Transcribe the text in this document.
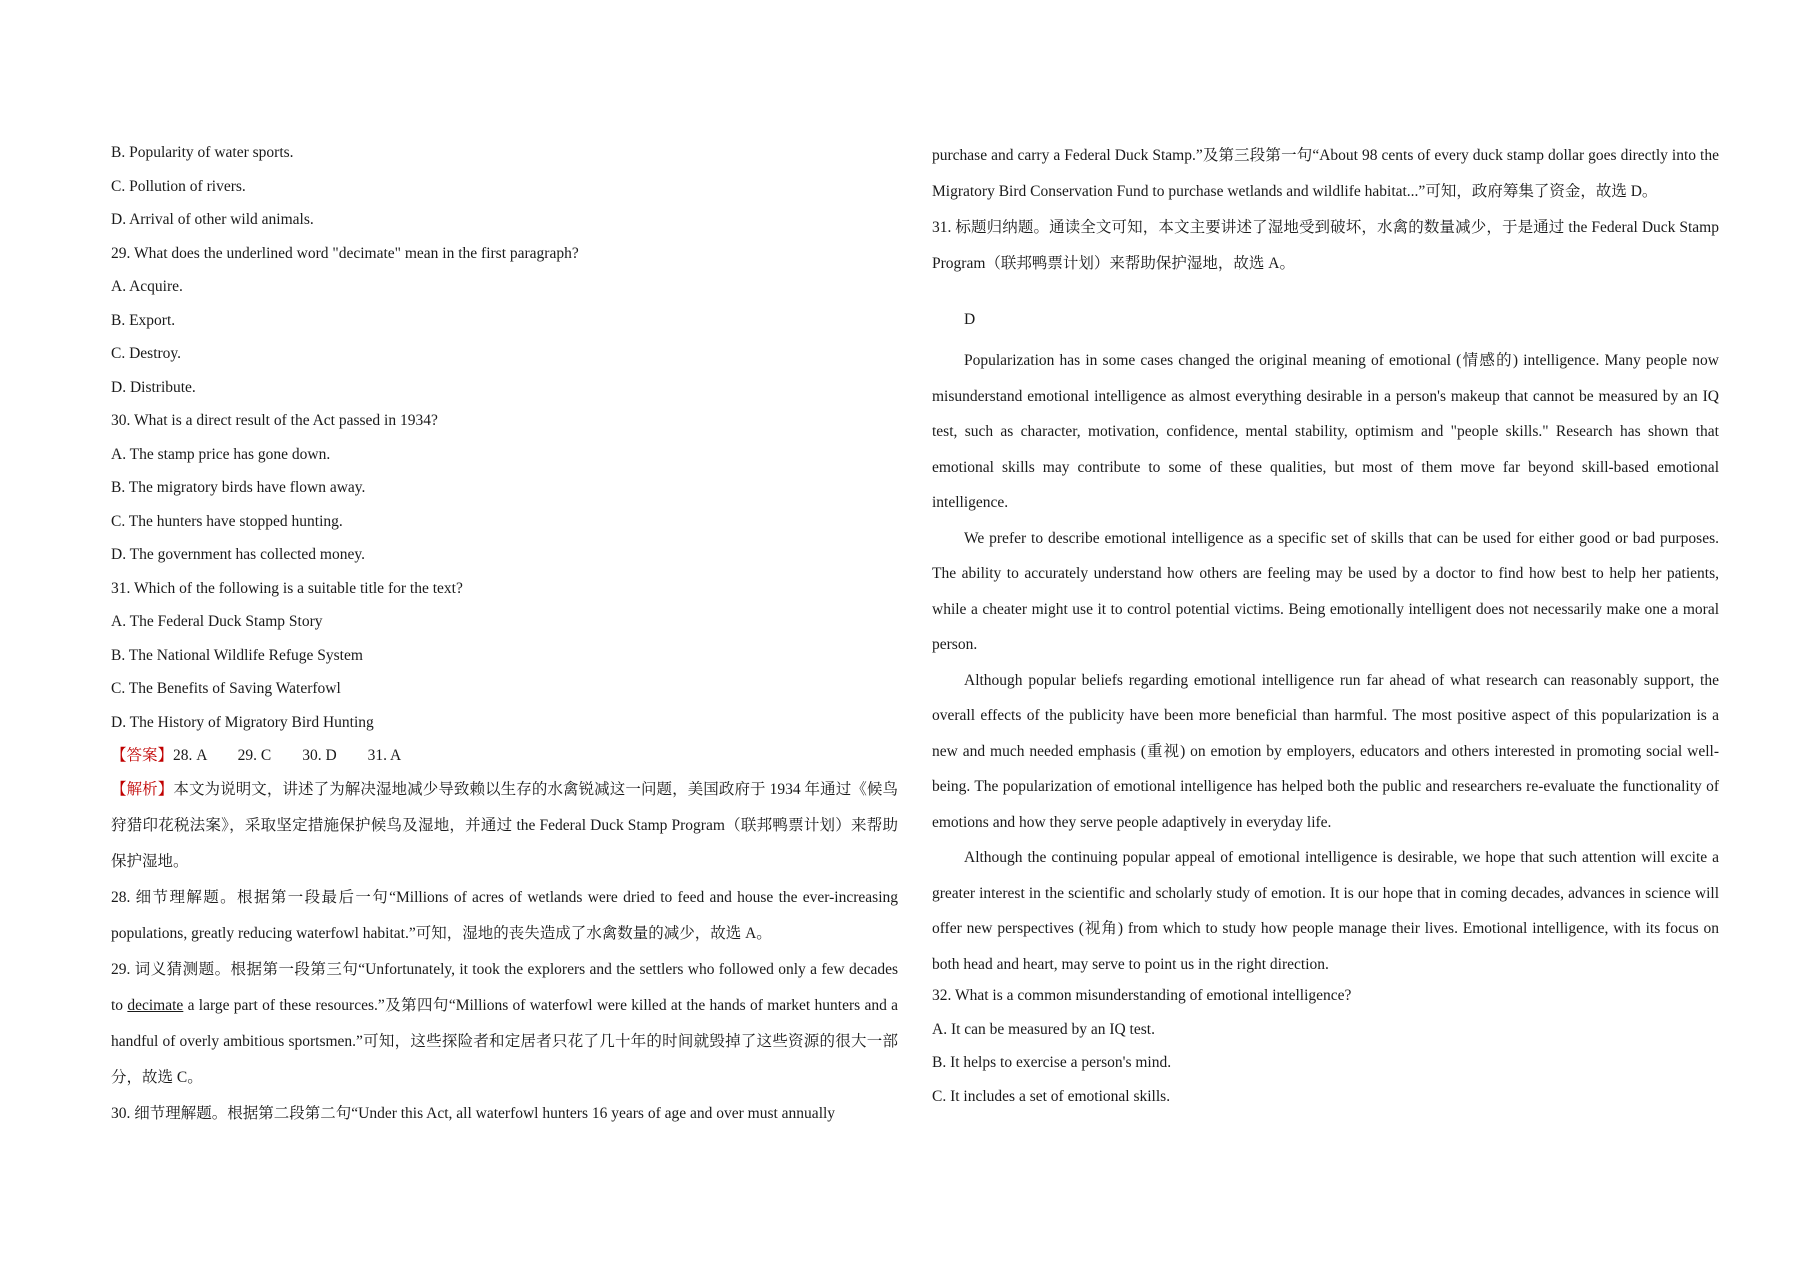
B. Popularity of water sports.
C. Pollution of rivers.
D. Arrival of other wild animals.
29. What does the underlined word "decimate" mean in the first paragraph?
A. Acquire.
B. Export.
C. Destroy.
D. Distribute.
30. What is a direct result of the Act passed in 1934?
A. The stamp price has gone down.
B. The migratory birds have flown away.
C. The hunters have stopped hunting.
D. The government has collected money.
31. Which of the following is a suitable title for the text?
A. The Federal Duck Stamp Story
B. The National Wildlife Refuge System
C. The Benefits of Saving Waterfowl
D. The History of Migratory Bird Hunting
【答案】28. A        29. C        30. D        31. A
【解析】本文为说明文，讲述了为解决湿地减少导致赖以生存的水禽锐减这一问题，美国政府于 1934 年通过《候鸟狩猎印花税法案》，采取坚定措施保护候鸟及湿地，并通过 the Federal Duck Stamp Program（联邦鸭票计划）来帮助保护湿地。
28. 细节理解题。根据第一段最后一句“Millions of acres of wetlands were dried to feed and house the ever-increasing populations, greatly reducing waterfowl habitat.”可知，湿地的丧失造成了水禽数量的减少，故选 A。
29. 词义猜测题。根据第一段第三句“Unfortunately, it took the explorers and the settlers who followed only a few decades to decimate a large part of these resources.”及第四句“Millions of waterfowl were killed at the hands of market hunters and a handful of overly ambitious sportsmen.”可知，这些探险者和定居者只花了几十年的时间就毁掉了这些资源的很大一部分，故选 C。
30. 细节理解题。根据第二段第二句“Under this Act, all waterfowl hunters 16 years of age and over must annually
purchase and carry a Federal Duck Stamp.”及第三段第一句“About 98 cents of every duck stamp dollar goes directly into the Migratory Bird Conservation Fund to purchase wetlands and wildlife habitat...”可知，政府筹集了资金，故选 D。
31. 标题归纳题。通读全文可知，本文主要讲述了湿地受到破坏，水禽的数量减少，于是通过 the Federal Duck Stamp Program（联邦鸭票计划）来帮助保护湿地，故选 A。
D
Popularization has in some cases changed the original meaning of emotional (情感的) intelligence. Many people now misunderstand emotional intelligence as almost everything desirable in a person's makeup that cannot be measured by an IQ test, such as character, motivation, confidence, mental stability, optimism and "people skills." Research has shown that emotional skills may contribute to some of these qualities, but most of them move far beyond skill-based emotional intelligence.
We prefer to describe emotional intelligence as a specific set of skills that can be used for either good or bad purposes. The ability to accurately understand how others are feeling may be used by a doctor to find how best to help her patients, while a cheater might use it to control potential victims. Being emotionally intelligent does not necessarily make one a moral person.
Although popular beliefs regarding emotional intelligence run far ahead of what research can reasonably support, the overall effects of the publicity have been more beneficial than harmful. The most positive aspect of this popularization is a new and much needed emphasis (重视) on emotion by employers, educators and others interested in promoting social well-being. The popularization of emotional intelligence has helped both the public and researchers re-evaluate the functionality of emotions and how they serve people adaptively in everyday life.
Although the continuing popular appeal of emotional intelligence is desirable, we hope that such attention will excite a greater interest in the scientific and scholarly study of emotion. It is our hope that in coming decades, advances in science will offer new perspectives (视角) from which to study how people manage their lives. Emotional intelligence, with its focus on both head and heart, may serve to point us in the right direction.
32. What is a common misunderstanding of emotional intelligence?
A. It can be measured by an IQ test.
B. It helps to exercise a person's mind.
C. It includes a set of emotional skills.
